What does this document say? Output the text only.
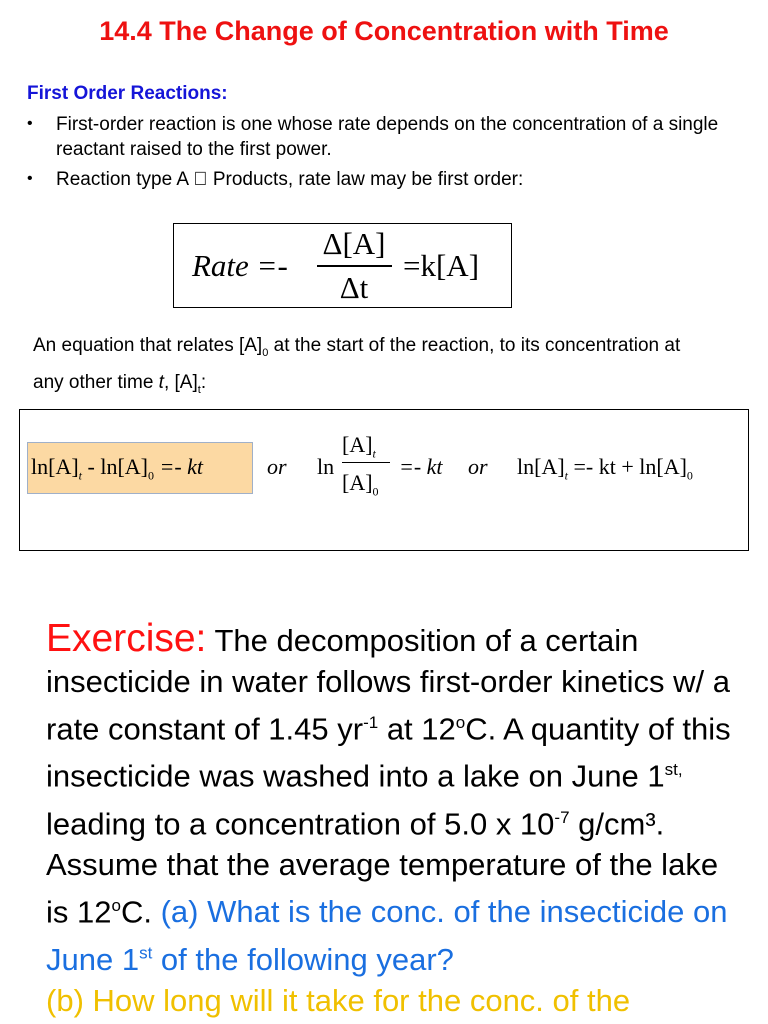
14.4 The Change of Concentration with Time
First Order Reactions:
• First-order reaction is one whose rate depends on the concentration of a single reactant raised to the first power.
• Reaction type A   Products, rate law may be first order:
Rate =-
Δ[A]
Δt
=k[A]
An equation that relates $[A]_0$ at the start of the reaction, to its concentration at any other time t, $[A]_t$:
$\ln[A]_t - \ln[A]_0$ =- kt	or ln
$[A]_t$
$[A]_0$
=- kt or $\ln[A]_t$ =- kt + $\ln[A]_0$
Exercise: The decomposition of a certain insecticide in water follows first-order kinetics w/ a rate constant of 1.45 $yr^{-1}$ at 12$^o$C. A quantity of this insecticide was washed into a lake on June $1^{st,}$ leading to a concentration of 5.0 x $10^{-7}$ g/cm³. Assume that the average temperature of the lake is 12$^o$C. (a) What is the conc. of the insecticide on June 1st of the following year?
(b) How long will it take for the conc. of the
